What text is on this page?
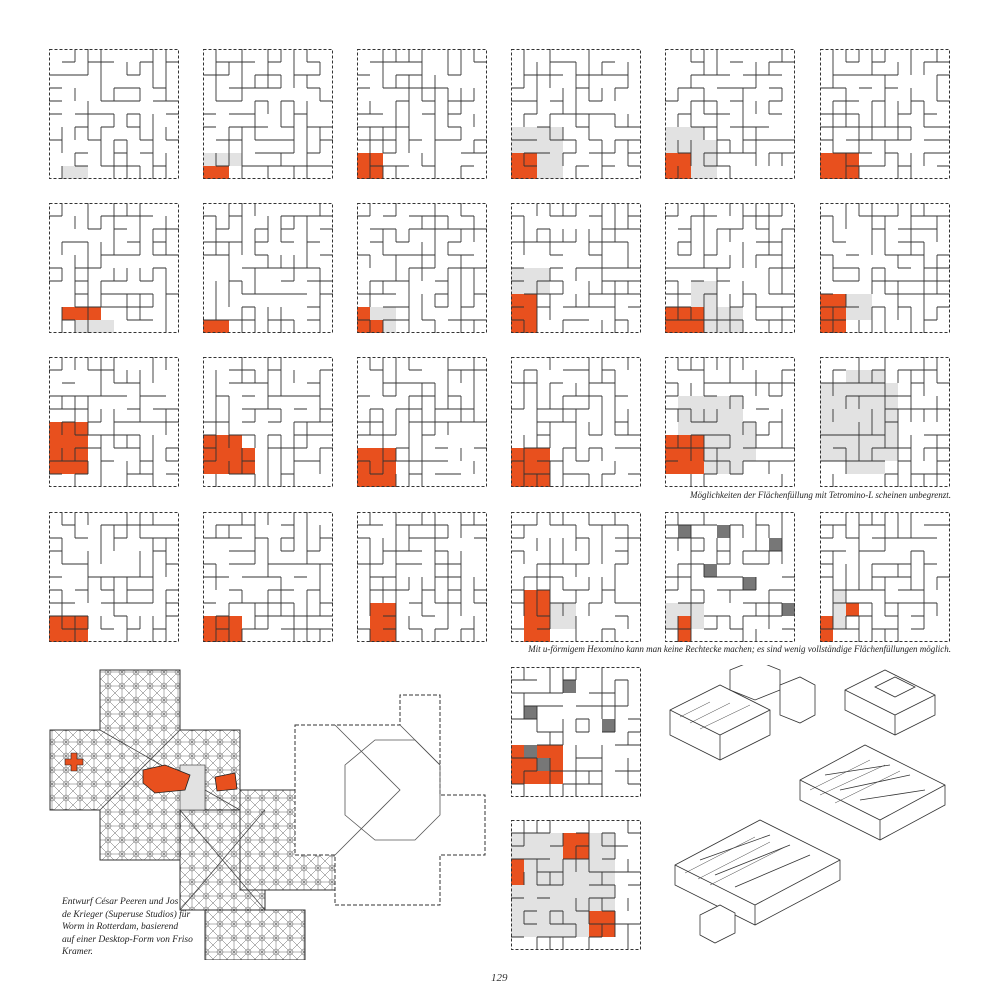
Möglichkeiten der Flächenfüllung mit Tetromino-L scheinen unbegrenzt.
Mit u-förmigem Hexomino kann man keine Rechtecke machen; es sind wenig vollständige Flächenfüllungen möglich.
Entwurf César Peeren und Jos
de Krieger (Superuse Studios) für
Worm in Rotterdam, basierend
auf einer Desktop-Form von Friso
Kramer.
129
